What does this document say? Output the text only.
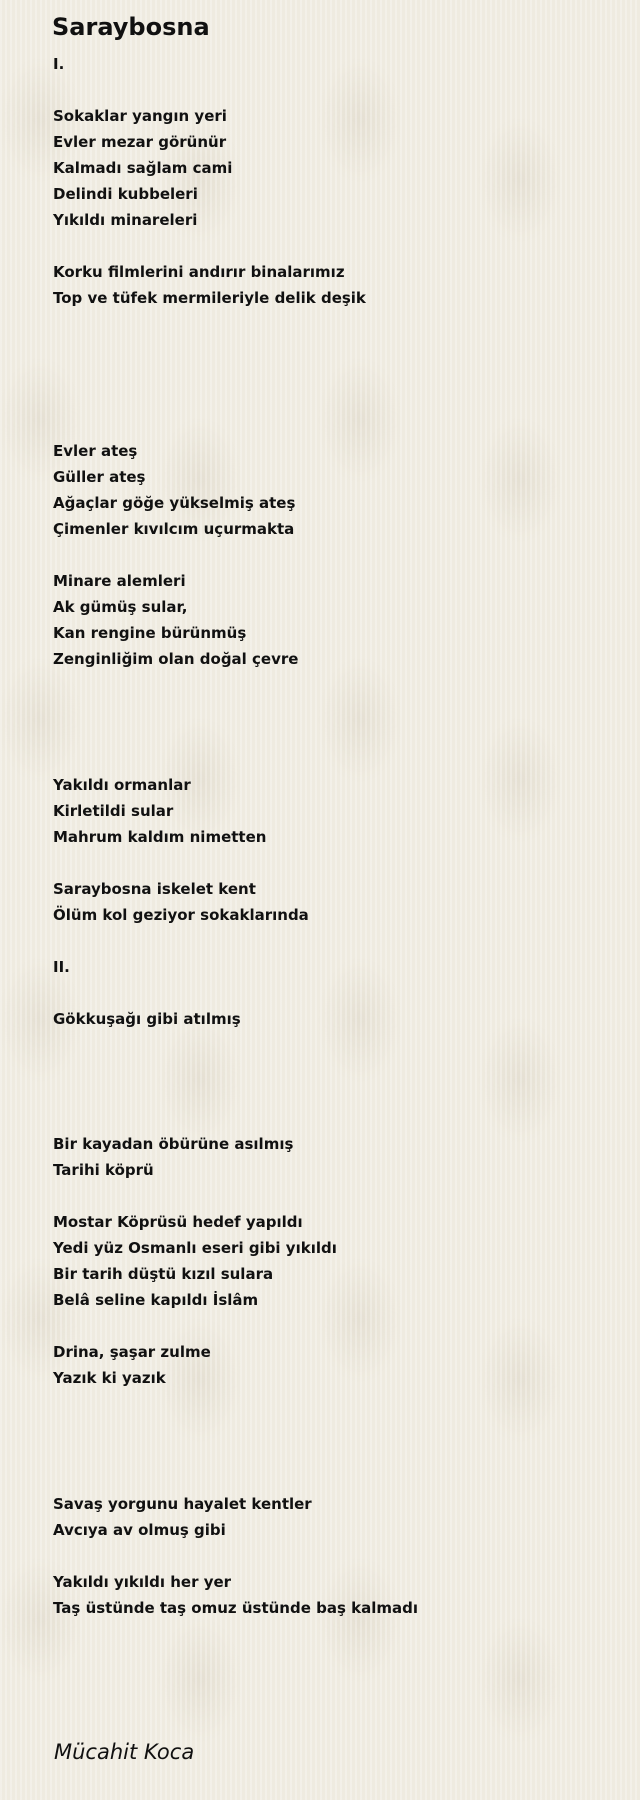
Saraybosna

I.

Sokaklar yangın yeri

Evler mezar görünür

Kalmadı sağlam cami

Delindi kubbeleri

Yıkıldı minareleri

Korku filmlerini andırır binalarımız

Top ve tüfek mermileriyle delik deşik

Evler ateş

Güller ateş

Ağaçlar göğe yükselmiş ateş

Çimenler kıvılcım uçurmakta

Minare alemleri

Ak gümüş sular,

Kan rengine bürünmüş

Zenginliğim olan doğal çevre

Yakıldı ormanlar

Kirletildi sular

Mahrum kaldım nimetten

Saraybosna iskelet kent

Ölüm kol geziyor sokaklarında

II.

Gökkuşağı gibi atılmış

Bir kayadan öbürüne asılmış

Tarihi köprü

Mostar Köprüsü hedef yapıldı

Yedi yüz Osmanlı eseri gibi yıkıldı

Bir tarih düştü kızıl sulara

Belâ seline kapıldı İslâm

Drina, şaşar zulme

Yazık ki yazık

Savaş yorgunu hayalet kentler

Avcıya av olmuş gibi

Yakıldı yıkıldı her yer

Taş üstünde taş omuz üstünde baş kalmadı

Mücahit Koca
